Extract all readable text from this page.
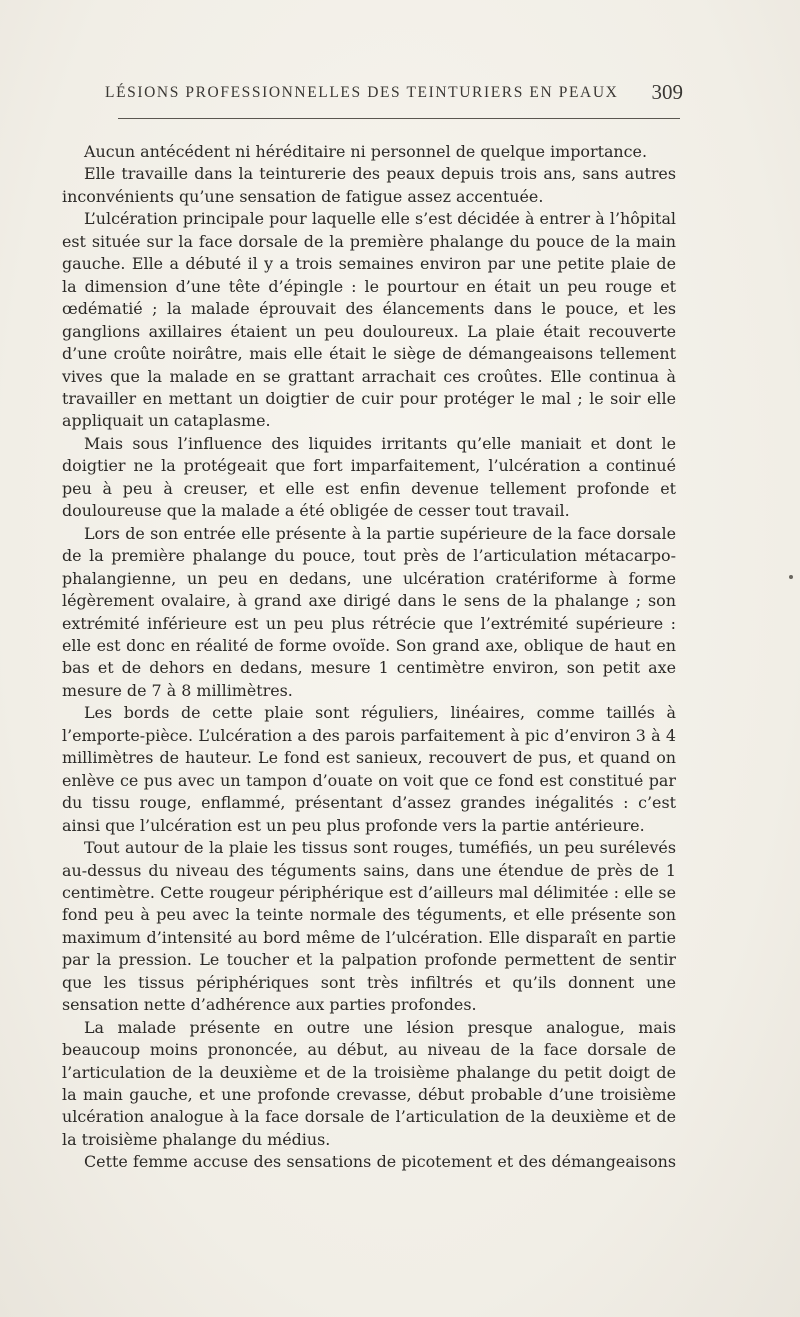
LÉSIONS PROFESSIONNELLES DES TEINTURIERS EN PEAUX 309

Aucun antécédent ni héréditaire ni personnel de quelque importance.

Elle travaille dans la teinturerie des peaux depuis trois ans, sans autres inconvénients qu’une sensation de fatigue assez accentuée.

L’ulcération principale pour laquelle elle s’est décidée à entrer à l’hôpital est située sur la face dorsale de la première phalange du pouce de la main gauche. Elle a débuté il y a trois semaines environ par une petite plaie de la dimension d’une tête d’épingle : le pourtour en était un peu rouge et œdématié ; la malade éprouvait des élancements dans le pouce, et les ganglions axillaires étaient un peu douloureux. La plaie était recouverte d’une croûte noirâtre, mais elle était le siège de démangeaisons tellement vives que la malade en se grattant arrachait ces croûtes. Elle continua à travailler en mettant un doigtier de cuir pour protéger le mal ; le soir elle appliquait un cataplasme.

Mais sous l’influence des liquides irritants qu’elle maniait et dont le doigtier ne la protégeait que fort imparfaitement, l’ulcération a continué peu à peu à creuser, et elle est enfin devenue tellement profonde et douloureuse que la malade a été obligée de cesser tout travail.

Lors de son entrée elle présente à la partie supérieure de la face dorsale de la première phalange du pouce, tout près de l’articulation métacarpo-phalangienne, un peu en dedans, une ulcération cratériforme à forme légèrement ovalaire, à grand axe dirigé dans le sens de la phalange ; son extrémité inférieure est un peu plus rétrécie que l’extrémité supérieure : elle est donc en réalité de forme ovoïde. Son grand axe, oblique de haut en bas et de dehors en dedans, mesure 1 centimètre environ, son petit axe mesure de 7 à 8 millimètres.

Les bords de cette plaie sont réguliers, linéaires, comme taillés à l’emporte-pièce. L’ulcération a des parois parfaitement à pic d’environ 3 à 4 millimètres de hauteur. Le fond est sanieux, recouvert de pus, et quand on enlève ce pus avec un tampon d’ouate on voit que ce fond est constitué par du tissu rouge, enflammé, présentant d’assez grandes inégalités : c’est ainsi que l’ulcération est un peu plus profonde vers la partie antérieure.

Tout autour de la plaie les tissus sont rouges, tuméfiés, un peu surélevés au-dessus du niveau des téguments sains, dans une étendue de près de 1 centimètre. Cette rougeur périphérique est d’ailleurs mal délimitée : elle se fond peu à peu avec la teinte normale des téguments, et elle présente son maximum d’intensité au bord même de l’ulcération. Elle disparaît en partie par la pression. Le toucher et la palpation profonde permettent de sentir que les tissus périphériques sont très infiltrés et qu’ils donnent une sensation nette d’adhérence aux parties profondes.

La malade présente en outre une lésion presque analogue, mais beaucoup moins prononcée, au début, au niveau de la face dorsale de l’articulation de la deuxième et de la troisième phalange du petit doigt de la main gauche, et une profonde crevasse, début probable d’une troisième ulcération analogue à la face dorsale de l’articulation de la deuxième et de la troisième phalange du médius.

Cette femme accuse des sensations de picotement et des démangeaisons
